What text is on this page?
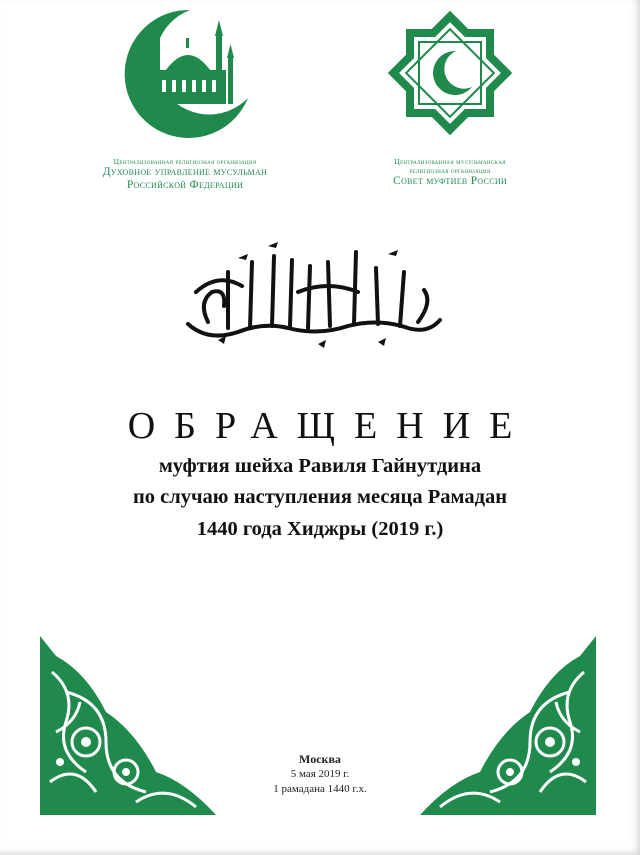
Централизованная религиозная организация
Духовное управление мусульман
Российской Федерации
Централизованная мусульманская
религиозная организация
Совет муфтиев России
ОБРАЩЕНИЕ
муфтия шейха Равиля Гайнутдина
по случаю наступления месяца Рамадан
1440 года Хиджры (2019 г.)
Москва
5 мая 2019 г.
1 рамадана 1440 г.х.
